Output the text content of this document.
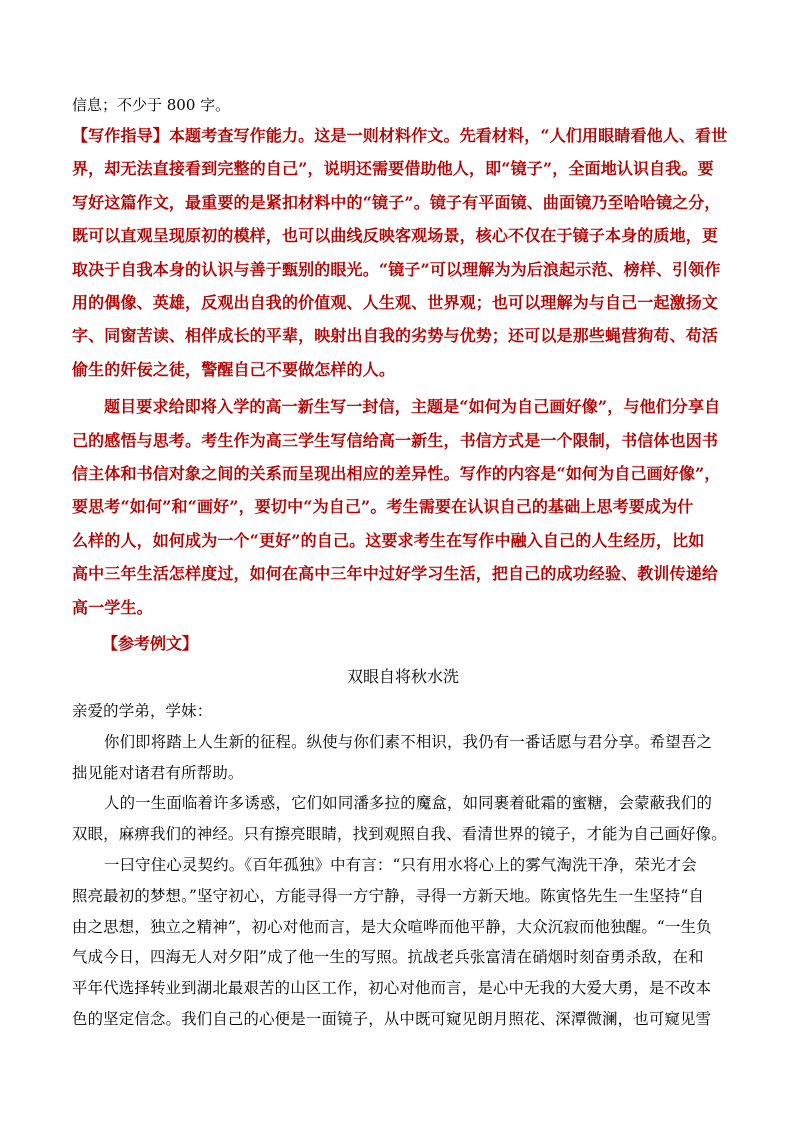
信息；不少于 800 字。

【写作指导】本题考查写作能力。这是一则材料作文。先看材料，“人们用眼睛看他人、看世

界，却无法直接看到完整的自己”，说明还需要借助他人，即“镜子”，全面地认识自我。要

写好这篇作文，最重要的是紧扣材料中的“镜子”。镜子有平面镜、曲面镜乃至哈哈镜之分，

既可以直观呈现原初的模样，也可以曲线反映客观场景，核心不仅在于镜子本身的质地，更

取决于自我本身的认识与善于甄别的眼光。“镜子”可以理解为为后浪起示范、榜样、引领作

用的偶像、英雄，反观出自我的价值观、人生观、世界观；也可以理解为与自己一起激扬文

字、同窗苦读、相伴成长的平辈，映射出自我的劣势与优势；还可以是那些蝇营狗苟、苟活

偷生的奸佞之徒，警醒自己不要做怎样的人。

题目要求给即将入学的高一新生写一封信，主题是“如何为自己画好像”，与他们分享自

己的感悟与思考。考生作为高三学生写信给高一新生，书信方式是一个限制，书信体也因书

信主体和书信对象之间的关系而呈现出相应的差异性。写作的内容是“如何为自己画好像”，

要思考“如何”和“画好”，要切中“为自己”。考生需要在认识自己的基础上思考要成为什

么样的人，如何成为一个“更好”的自己。这要求考生在写作中融入自己的人生经历，比如

高中三年生活怎样度过，如何在高中三年中过好学习生活，把自己的成功经验、教训传递给

高一学生。

【参考例文】

双眼自将秋水洗

亲爱的学弟，学妹：

你们即将踏上人生新的征程。纵使与你们素不相识，我仍有一番话愿与君分享。希望吾之

拙见能对诸君有所帮助。

人的一生面临着许多诱惑，它们如同潘多拉的魔盒，如同裹着砒霜的蜜糖，会蒙蔽我们的

双眼，麻痹我们的神经。只有擦亮眼睛，找到观照自我、看清世界的镜子，才能为自己画好像。

一曰守住心灵契约。《百年孤独》中有言：“只有用水将心上的雾气淘洗干净，荣光才会

照亮最初的梦想。”坚守初心，方能寻得一方宁静，寻得一方新天地。陈寅恪先生一生坚持“自

由之思想，独立之精神”，初心对他而言，是大众喧哗而他平静，大众沉寂而他独醒。“一生负

气成今日，四海无人对夕阳”成了他一生的写照。抗战老兵张富清在硝烟时刻奋勇杀敌，在和

平年代选择转业到湖北最艰苦的山区工作，初心对他而言，是心中无我的大爱大勇，是不改本

色的坚定信念。我们自己的心便是一面镜子，从中既可窥见朗月照花、深潭微澜，也可窥见雪
